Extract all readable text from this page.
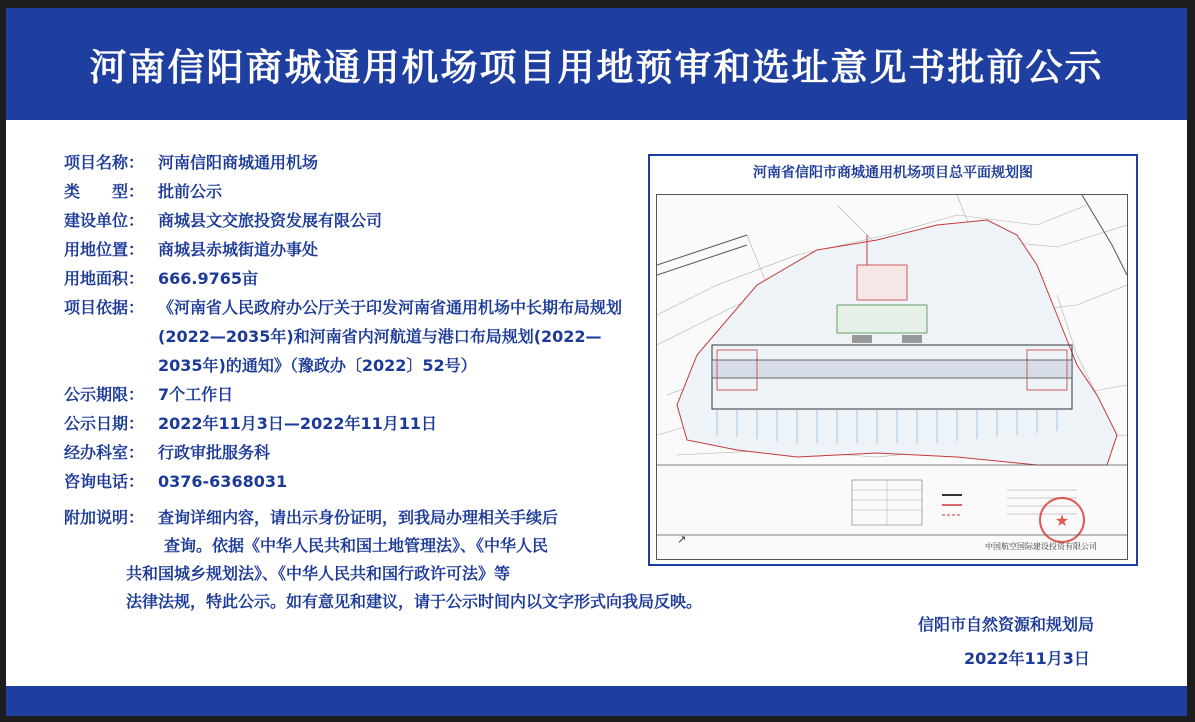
河南信阳商城通用机场项目用地预审和选址意见书批前公示
项目名称： 河南信阳商城通用机场
类　　型： 批前公示
建设单位： 商城县文交旅投资发展有限公司
用地位置： 商城县赤城街道办事处
用地面积： 666.9765亩
项目依据： 《河南省人民政府办公厅关于印发河南省通用机场中长期布局规划(2022—2035年)和河南省内河航道与港口布局规划(2022—2035年)的通知》（豫政办〔2022〕52号）
公示期限： 7个工作日
公示日期： 2022年11月3日—2022年11月11日
经办科室： 行政审批服务科
咨询电话： 0376-6368031
附加说明： 查询详细内容，请出示身份证明，到我局办理相关手续后
查询。依据《中华人民共和国土地管理法》、《中华人民
共和国城乡规划法》、《中华人民共和国行政许可法》等
法律法规，特此公示。如有意见和建议，请于公示时间内以文字形式向我局反映。
河南省信阳市商城通用机场项目总平面规划图
★
↗
中国航空国际建设投资有限公司
信阳市自然资源和规划局
2022年11月3日
